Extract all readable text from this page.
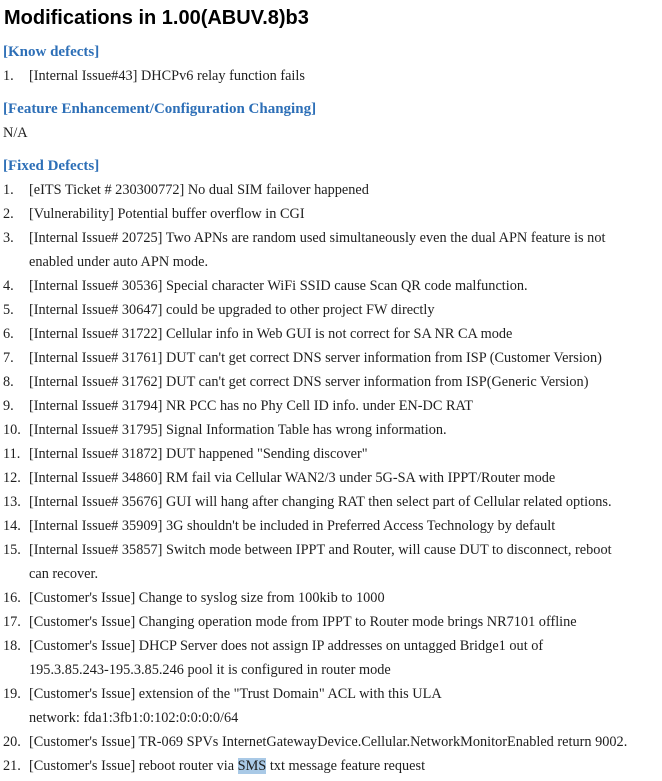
Modifications in 1.00(ABUV.8)b3
[Know defects]
1.	[Internal Issue#43] DHCPv6 relay function fails
[Feature Enhancement/Configuration Changing]
N/A
[Fixed Defects]
1.	[eITS Ticket # 230300772] No dual SIM failover happened
2.	[Vulnerability] Potential buffer overflow in CGI
3.	[Internal Issue# 20725] Two APNs are random used simultaneously even the dual APN feature is not
enabled under auto APN mode.
4.	[Internal Issue# 30536] Special character WiFi SSID cause Scan QR code malfunction.
5.	[Internal Issue# 30647] could be upgraded to other project FW directly
6.	[Internal Issue# 31722] Cellular info in Web GUI is not correct for SA NR CA mode
7.	[Internal Issue# 31761] DUT can't get correct DNS server information from ISP (Customer Version)
8.	[Internal Issue# 31762] DUT can't get correct DNS server information from ISP(Generic Version)
9.	[Internal Issue# 31794] NR PCC has no Phy Cell ID info. under EN-DC RAT
10. [Internal Issue# 31795] Signal Information Table has wrong information.
11. [Internal Issue# 31872] DUT happened "Sending discover"
12. [Internal Issue# 34860] RM fail via Cellular WAN2/3 under 5G-SA with IPPT/Router mode
13. [Internal Issue# 35676] GUI will hang after changing RAT then select part of Cellular related options.
14. [Internal Issue# 35909] 3G shouldn't be included in Preferred Access Technology by default
15. [Internal Issue# 35857] Switch mode between IPPT and Router, will cause DUT to disconnect, reboot
can recover.
16. [Customer's Issue] Change to syslog size from 100kib to 1000
17. [Customer's Issue] Changing operation mode from IPPT to Router mode brings NR7101 offline
18. [Customer's Issue] DHCP Server does not assign IP addresses on untagged Bridge1 out of
195.3.85.243-195.3.85.246 pool it is configured in router mode
19. [Customer's Issue] extension of the "Trust Domain" ACL with this ULA
network: fda1:3fb1:0:102:0:0:0:0/64
20. [Customer's Issue] TR-069 SPVs InternetGatewayDevice.Cellular.NetworkMonitorEnabled return 9002.
21. [Customer's Issue] reboot router via SMS txt message feature request
